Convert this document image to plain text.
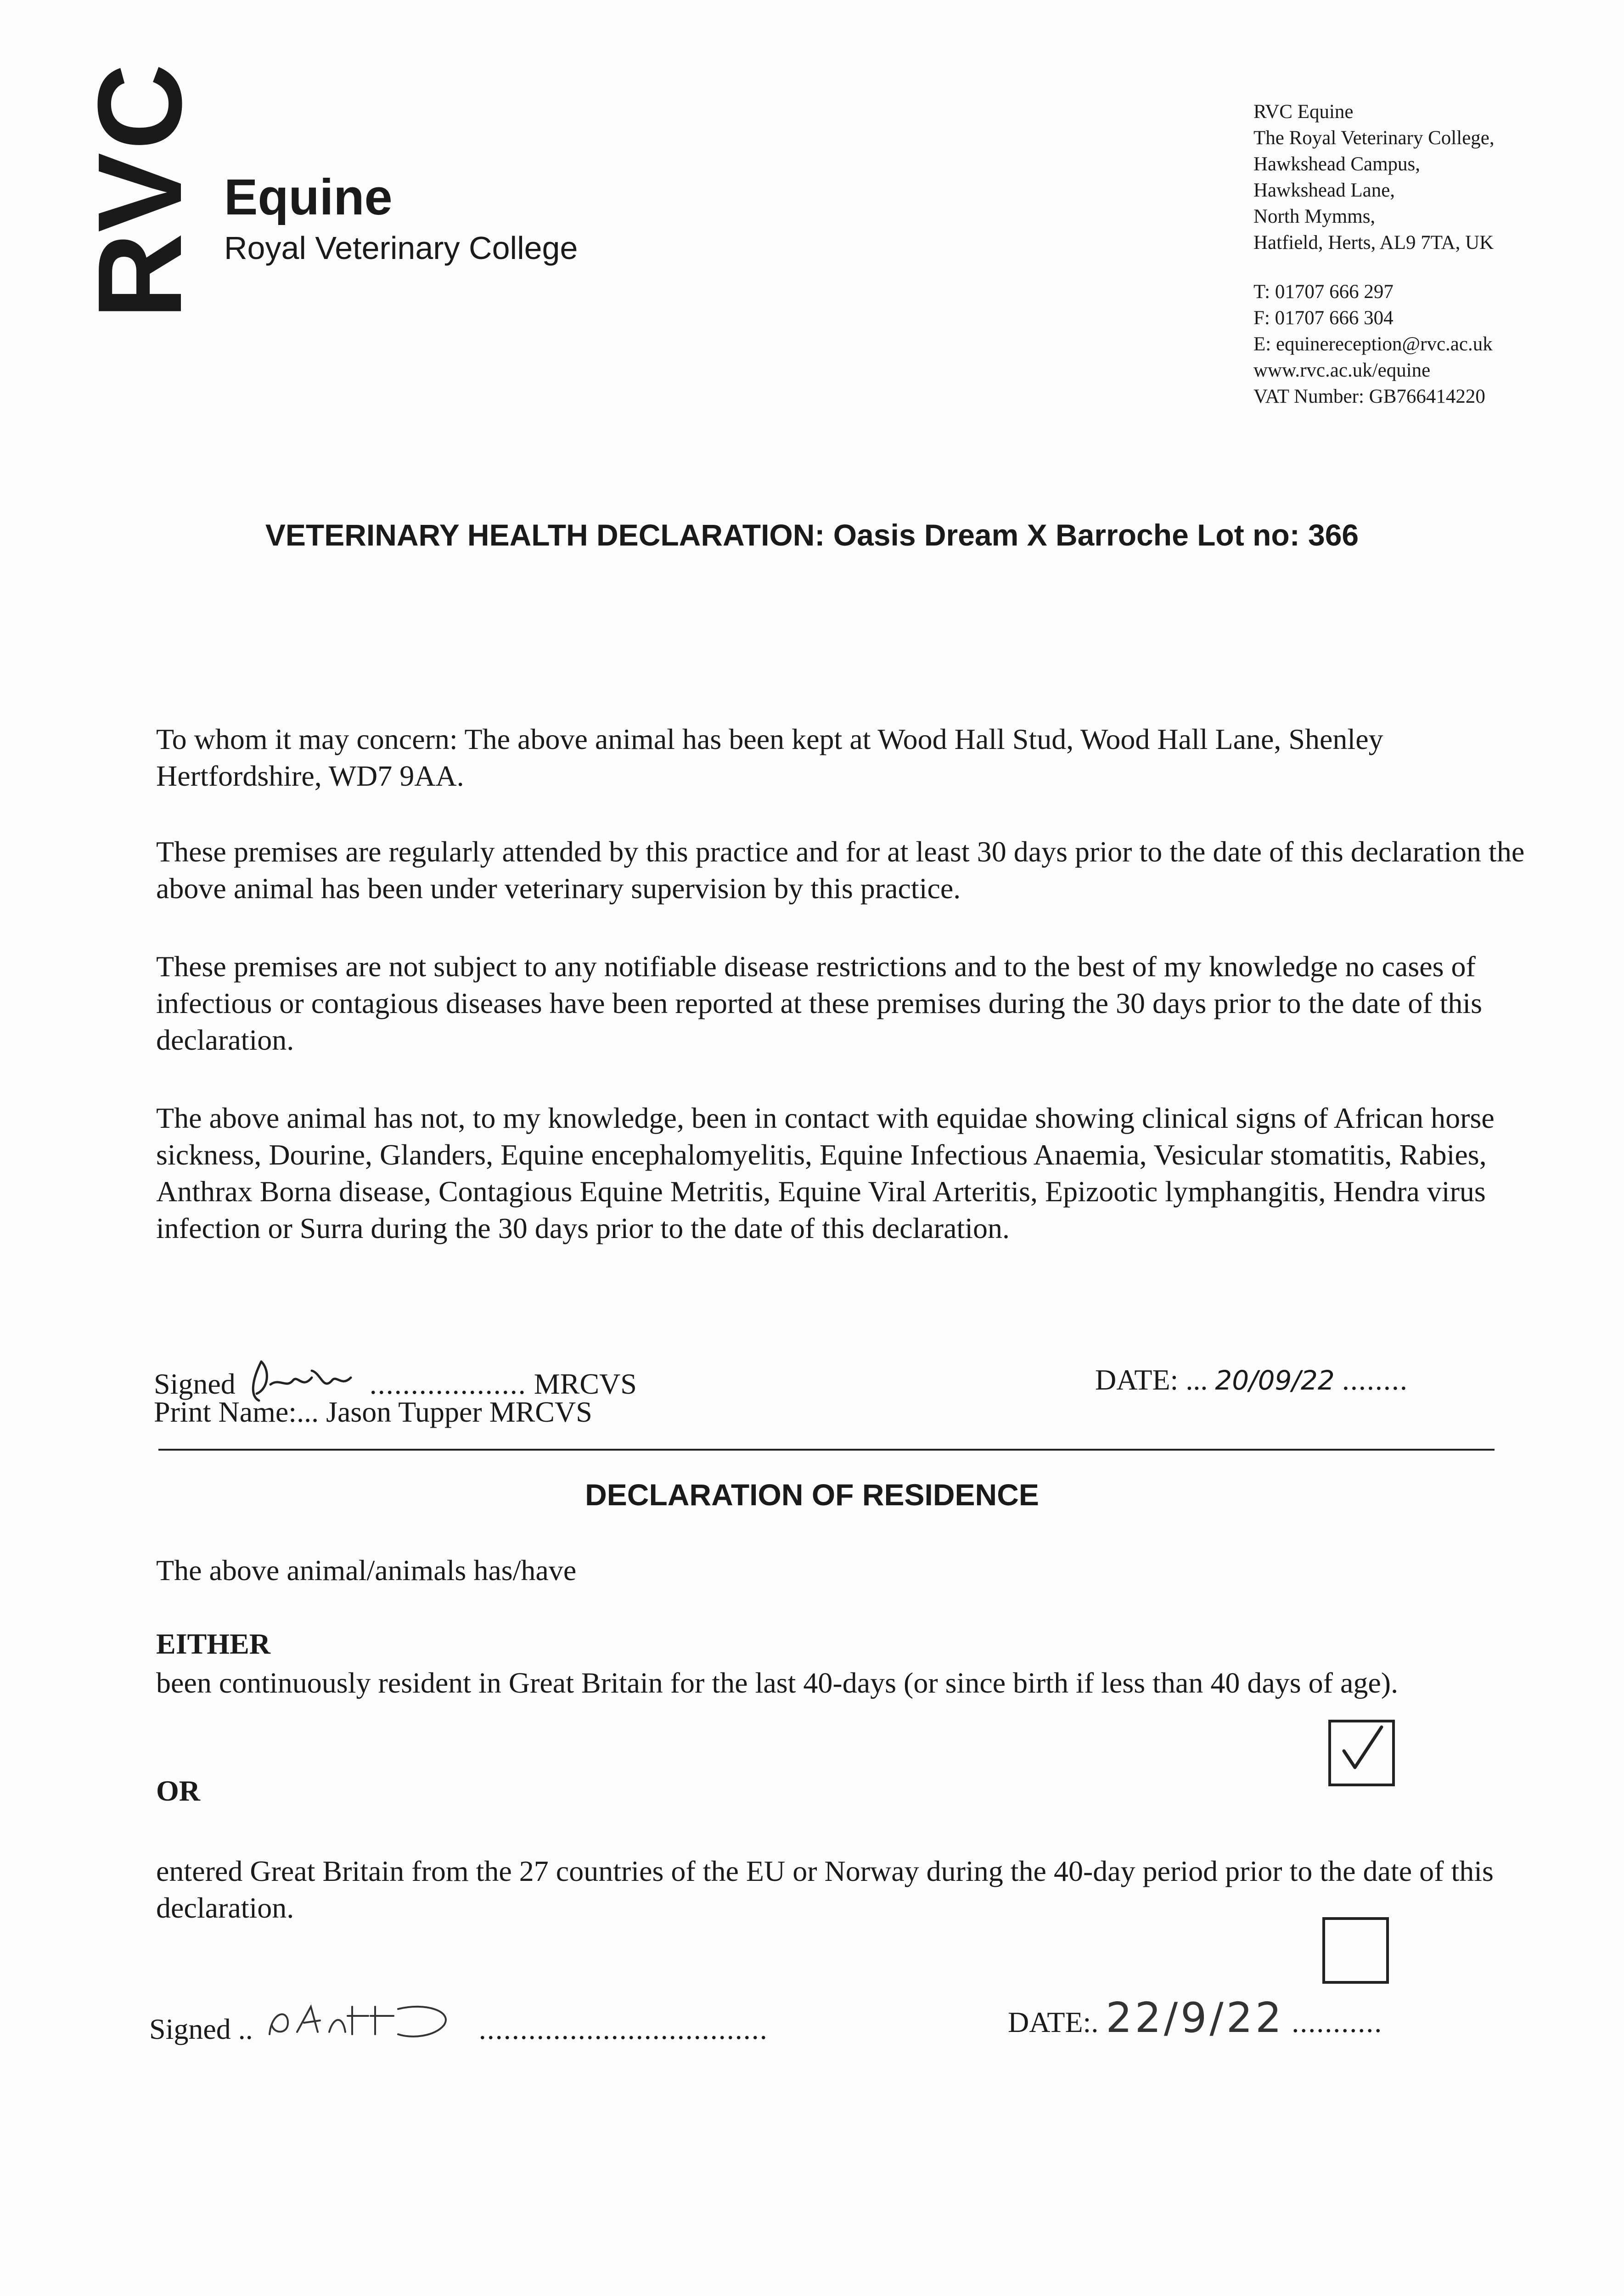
RVC Equine
Royal Veterinary College
RVC Equine
The Royal Veterinary College,
Hawkshead Campus,
Hawkshead Lane,
North Mymms,
Hatfield, Herts, AL9 7TA, UK
T: 01707 666 297
F: 01707 666 304
E: equinereception@rvc.ac.uk
www.rvc.ac.uk/equine
VAT Number: GB766414220
VETERINARY HEALTH DECLARATION: Oasis Dream X Barroche Lot no: 366
To whom it may concern: The above animal has been kept at Wood Hall Stud, Wood Hall Lane, Shenley Hertfordshire, WD7 9AA.
These premises are regularly attended by this practice and for at least 30 days prior to the date of this declaration the above animal has been under veterinary supervision by this practice.
These premises are not subject to any notifiable disease restrictions and to the best of my knowledge no cases of infectious or contagious diseases have been reported at these premises during the 30 days prior to the date of this declaration.
The above animal has not, to my knowledge, been in contact with equidae showing clinical signs of African horse sickness, Dourine, Glanders, Equine encephalomyelitis, Equine Infectious Anaemia, Vesicular stomatitis, Rabies, Anthrax Borna disease, Contagious Equine Metritis, Equine Viral Arteritis, Epizootic lymphangitis, Hendra virus infection or Surra during the 30 days prior to the date of this declaration.
Signed	................... MRCVS
Print Name:... Jason Tupper MRCVS
DATE: ... 20/09/22 ........
DECLARATION OF RESIDENCE
The above animal/animals has/have
EITHER
been continuously resident in Great Britain for the last 40-days (or since birth if less than 40 days of age).
OR
entered Great Britain from the 27 countries of the EU or Norway during the 40-day period prior to the date of this declaration.
Signed ..	...................................	DATE:. 22/9/22 ...........
